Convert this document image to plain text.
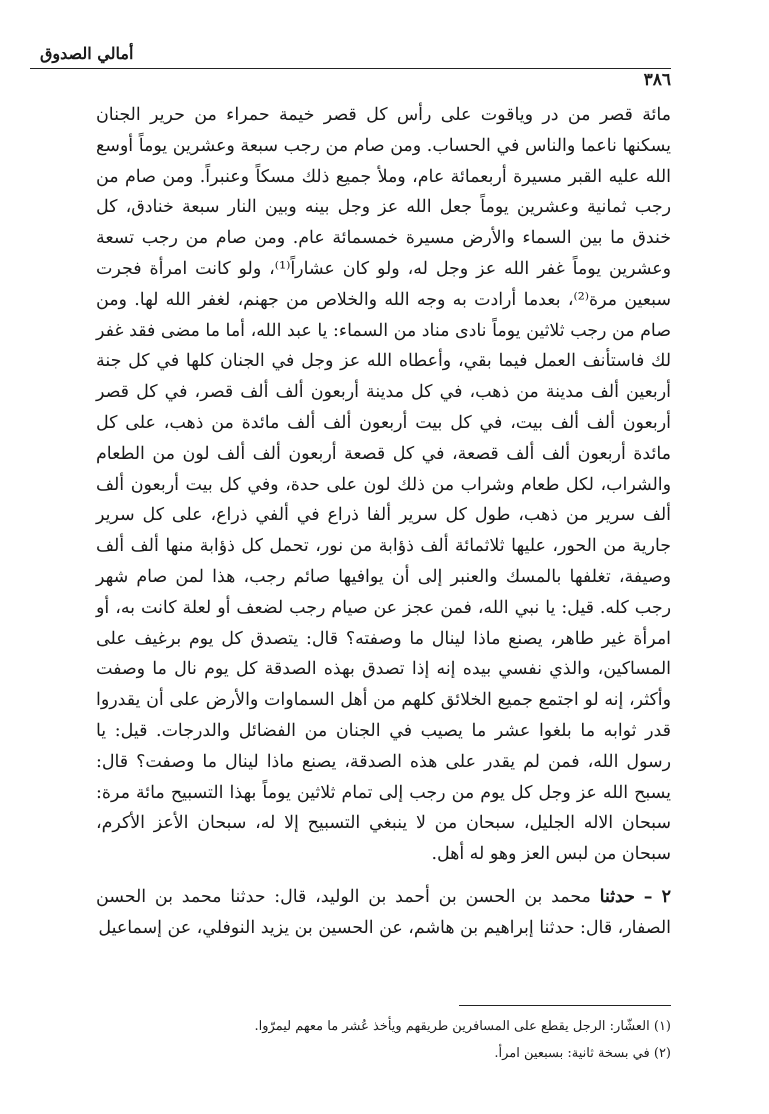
أمالي الصدوق
٣٨٦

مائة قصر من در وياقوت على رأس كل قصر خيمة حمراء من حرير الجنان يسكنها ناعما والناس في الحساب. ومن صام من رجب سبعة وعشرين يوماً أوسع الله عليه القبر مسيرة أربعمائة عام، وملأ جميع ذلك مسكاً وعنبراً. ومن صام من رجب ثمانية وعشرين يوماً جعل الله عز وجل بينه وبين النار سبعة خنادق، كل خندق ما بين السماء والأرض مسيرة خمسمائة عام. ومن صام من رجب تسعة وعشرين يوماً غفر الله عز وجل له، ولو كان عشاراً⁽¹⁾، ولو كانت امرأة فجرت سبعين مرة⁽²⁾، بعدما أرادت به وجه الله والخلاص من جهنم، لغفر الله لها. ومن صام من رجب ثلاثين يوماً نادى مناد من السماء: يا عبد الله، أما ما مضى فقد غفر لك فاستأنف العمل فيما بقي، وأعطاه الله عز وجل في الجنان كلها في كل جنة أربعين ألف مدينة من ذهب، في كل مدينة أربعون ألف ألف قصر، في كل قصر أربعون ألف ألف بيت، في كل بيت أربعون ألف ألف مائدة من ذهب، على كل مائدة أربعون ألف ألف قصعة، في كل قصعة أربعون ألف ألف لون من الطعام والشراب، لكل طعام وشراب من ذلك لون على حدة، وفي كل بيت أربعون ألف ألف سرير من ذهب، طول كل سرير ألفا ذراع في ألفي ذراع، على كل سرير جارية من الحور، عليها ثلاثمائة ألف ذؤابة من نور، تحمل كل ذؤابة منها ألف ألف وصيفة، تغلفها بالمسك والعنبر إلى أن يوافيها صائم رجب، هذا لمن صام شهر رجب كله. قيل: يا نبي الله، فمن عجز عن صيام رجب لضعف أو لعلة كانت به، أو امرأة غير طاهر، يصنع ماذا لينال ما وصفته؟ قال: يتصدق كل يوم برغيف على المساكين، والذي نفسي بيده إنه إذا تصدق بهذه الصدقة كل يوم نال ما وصفت وأكثر، إنه لو اجتمع جميع الخلائق كلهم من أهل السماوات والأرض على أن يقدروا قدر ثوابه ما بلغوا عشر ما يصيب في الجنان من الفضائل والدرجات. قيل: يا رسول الله، فمن لم يقدر على هذه الصدقة، يصنع ماذا لينال ما وصفت؟ قال: يسبح الله عز وجل كل يوم من رجب إلى تمام ثلاثين يوماً بهذا التسبيح مائة مرة: سبحان الاله الجليل، سبحان من لا ينبغي التسبيح إلا له، سبحان الأعز الأكرم، سبحان من لبس العز وهو له أهل.

٢ – حدثنا محمد بن الحسن بن أحمد بن الوليد، قال: حدثنا محمد بن الحسن الصفار، قال: حدثنا إبراهيم بن هاشم، عن الحسين بن يزيد النوفلي، عن إسماعيل

(١) العشّار: الرجل يقطع على المسافرين طريقهم ويأخذ عُشر ما معهم ليمرّوا.

(٢) في بسخة ثانية: بسبعين امرأ.
